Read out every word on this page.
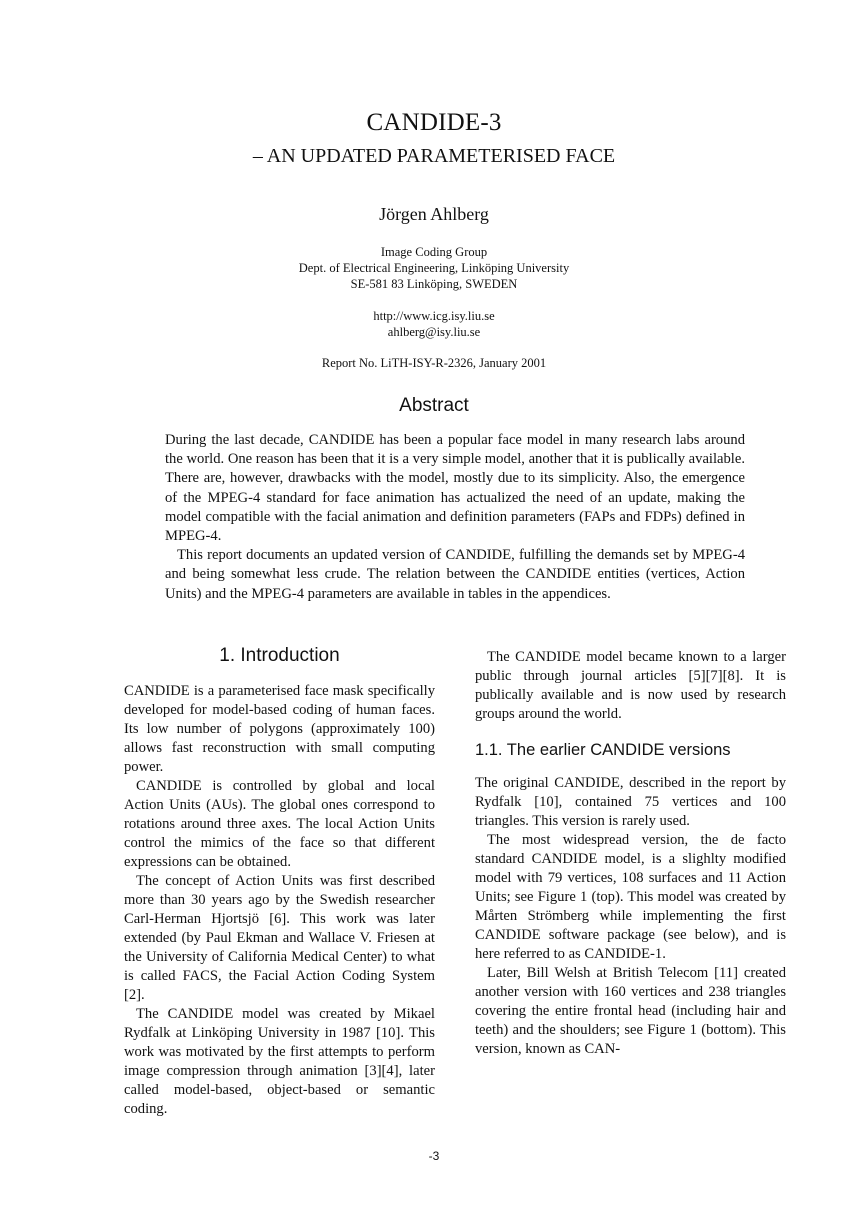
CANDIDE-3
– AN UPDATED PARAMETERISED FACE
Jörgen Ahlberg
Image Coding Group
Dept. of Electrical Engineering, Linköping University
SE-581 83 Linköping, SWEDEN
http://www.icg.isy.liu.se
ahlberg@isy.liu.se
Report No. LiTH-ISY-R-2326, January 2001
Abstract

During the last decade, CANDIDE has been a popular face model in many research labs around the world. One reason has been that it is a very simple model, another that it is publically available. There are, however, drawbacks with the model, mostly due to its simplicity. Also, the emergence of the MPEG-4 standard for face animation has actualized the need of an update, making the model compatible with the facial animation and definition parameters (FAPs and FDPs) defined in MPEG-4.

This report documents an updated version of CANDIDE, fulfilling the demands set by MPEG-4 and being somewhat less crude. The relation between the CANDIDE entities (vertices, Action Units) and the MPEG-4 parameters are available in tables in the appendices.

1. Introduction

CANDIDE is a parameterised face mask specifically developed for model-based coding of human faces. Its low number of polygons (approximately 100) allows fast reconstruction with small computing power.

CANDIDE is controlled by global and local Action Units (AUs). The global ones correspond to rotations around three axes. The local Action Units control the mimics of the face so that different expressions can be obtained.

The concept of Action Units was first described more than 30 years ago by the Swedish researcher Carl-Herman Hjortsjö [6]. This work was later extended (by Paul Ekman and Wallace V. Friesen at the University of California Medical Center) to what is called FACS, the Facial Action Coding System [2].

The CANDIDE model was created by Mikael Rydfalk at Linköping University in 1987 [10]. This work was motivated by the first attempts to perform image compression through animation [3][4], later called model-based, object-based or semantic coding.

The CANDIDE model became known to a larger public through journal articles [5][7][8]. It is publically available and is now used by research groups around the world.

1.1. The earlier CANDIDE versions

The original CANDIDE, described in the report by Rydfalk [10], contained 75 vertices and 100 triangles. This version is rarely used.

The most widespread version, the de facto standard CANDIDE model, is a slighlty modified model with 79 vertices, 108 surfaces and 11 Action Units; see Figure 1 (top). This model was created by Mårten Strömberg while implementing the first CANDIDE software package (see below), and is here referred to as CANDIDE-1.

Later, Bill Welsh at British Telecom [11] created another version with 160 vertices and 238 triangles covering the entire frontal head (including hair and teeth) and the shoulders; see Figure 1 (bottom). This version, known as CAN-

-3
